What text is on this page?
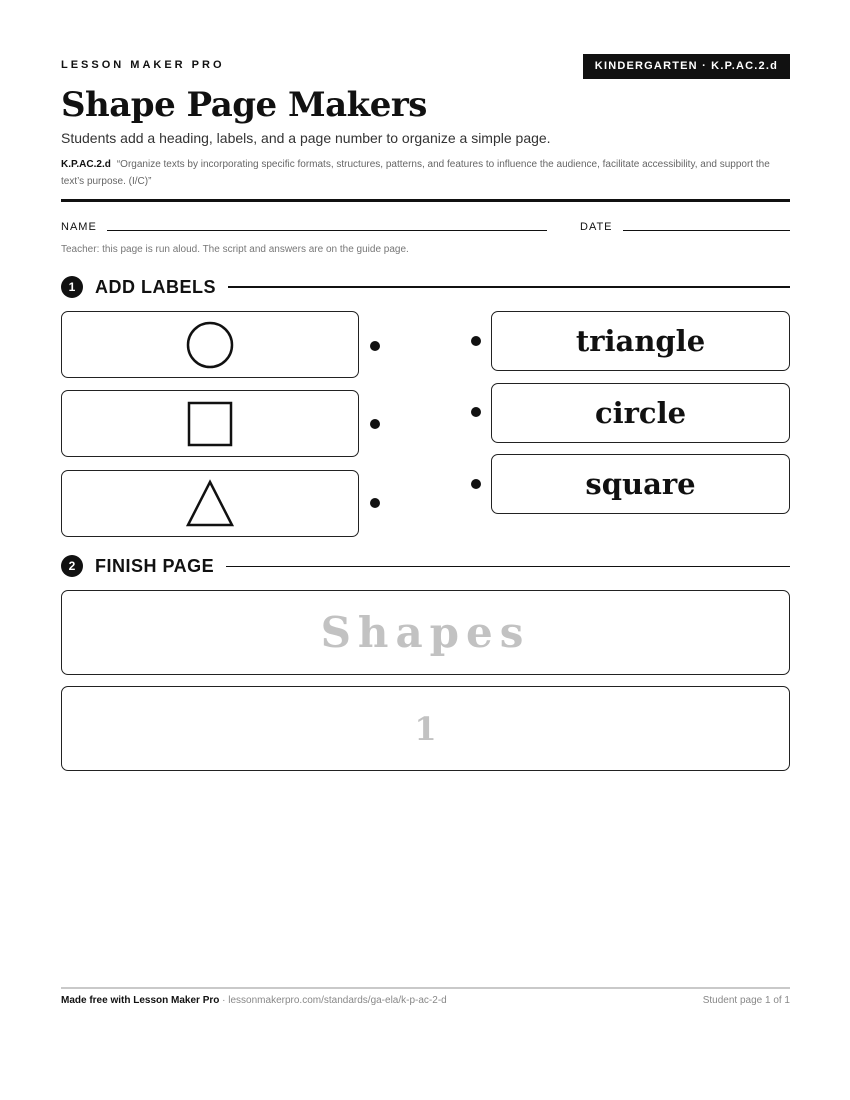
LESSON MAKER PRO	KINDERGARTEN · K.P.AC.2.d
Shape Page Makers
Students add a heading, labels, and a page number to organize a simple page.
K.P.AC.2.d “Organize texts by incorporating specific formats, structures, patterns, and features to influence the audience, facilitate accessibility, and support the text’s purpose. (I/C)”
NAME	DATE
Teacher: this page is run aloud. The script and answers are on the guide page.
1	ADD LABELS
triangle
circle
square
2	FINISH PAGE
Shapes
1
Made free with Lesson Maker Pro · lessonmakerpro.com/standards/ga-ela/k-p-ac-2-d	Student page 1 of 1
